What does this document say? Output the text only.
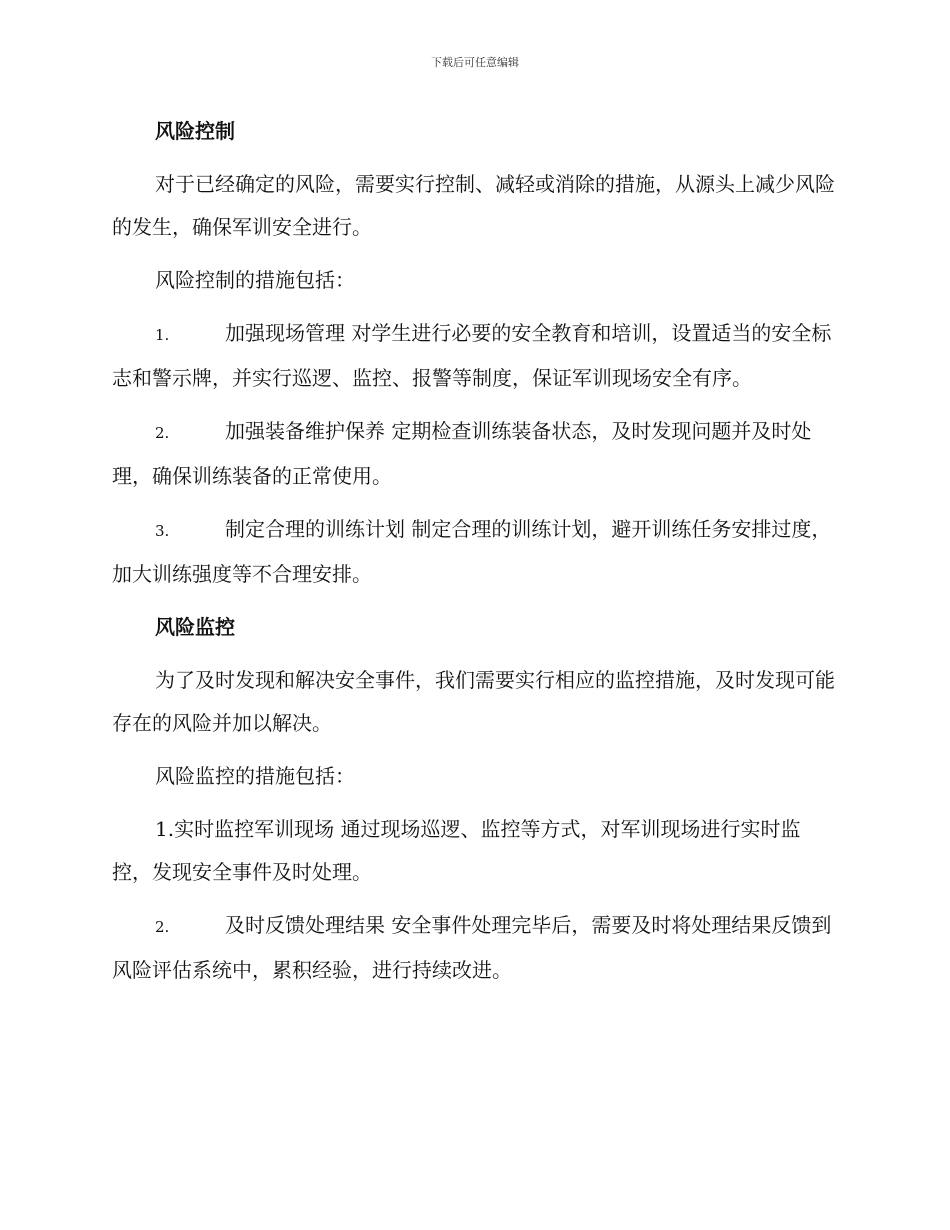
下载后可任意编辑
风险控制
对于已经确定的风险，需要实行控制、减轻或消除的措施，从源头上减少风险的发生，确保军训安全进行。
风险控制的措施包括：
1.	加强现场管理 对学生进行必要的安全教育和培训，设置适当的安全标志和警示牌，并实行巡逻、监控、报警等制度，保证军训现场安全有序。
2.	加强装备维护保养 定期检查训练装备状态，及时发现问题并及时处理，确保训练装备的正常使用。
3.	制定合理的训练计划 制定合理的训练计划，避开训练任务安排过度，加大训练强度等不合理安排。
风险监控
为了及时发现和解决安全事件，我们需要实行相应的监控措施，及时发现可能存在的风险并加以解决。
风险监控的措施包括：
1.实时监控军训现场 通过现场巡逻、监控等方式，对军训现场进行实时监控，发现安全事件及时处理。
2.	及时反馈处理结果 安全事件处理完毕后，需要及时将处理结果反馈到风险评估系统中，累积经验，进行持续改进。
